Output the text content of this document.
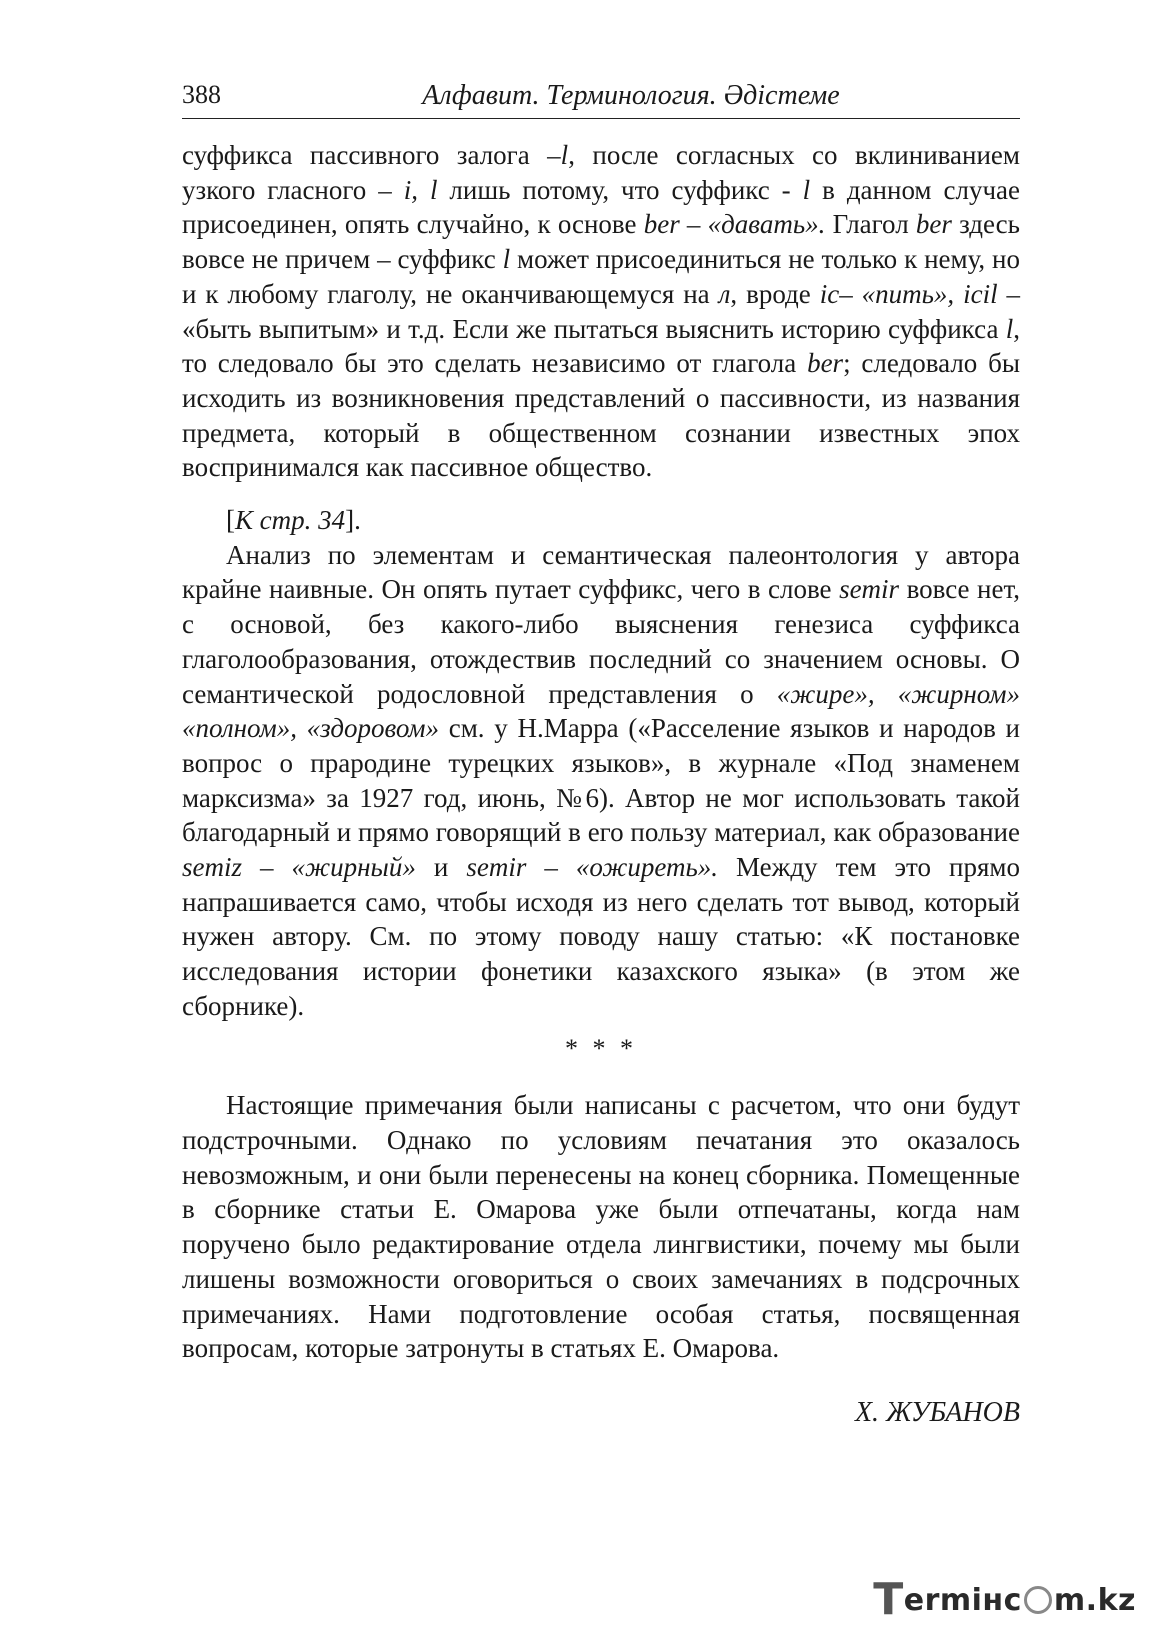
388	Алфавит. Терминология. Әдістеме

суффикса пассивного залога –l, после согласных со вклиниванием узкого гласного – i, l лишь потому, что суффикс - l в данном случае присоединен, опять случайно, к основе ber – «давать». Глагол ber здесь вовсе не причем – суффикс l может присоединиться не только к нему, но и к любому глаголу, не оканчивающемуся на л, вроде ic– «пить», icil – «быть выпитым» и т.д. Если же пытаться выяснить историю суффикса l, то следовало бы это сделать независимо от глагола ber; следовало бы исходить из возникновения представлений о пассивности, из названия предмета, который в общественном сознании известных эпох воспринимался как пассивное общество.

[К стр. 34].

Анализ по элементам и семантическая палеонтология у автора крайне наивные. Он опять путает суффикс, чего в слове semir вовсе нет, с основой, без какого-либо выяснения генезиса суффикса глаголообразования, отождествив последний со значением основы. О семантической родословной представления о «жире», «жирном» «полном», «здоровом» см. у Н.Марра («Расселение языков и народов и вопрос о прародине турецких языков», в журнале «Под знаменем марксизма» за 1927 год, июнь, №6). Автор не мог использовать такой благодарный и прямо говорящий в его пользу материал, как образование semiz – «жирный» и semir – «ожиреть». Между тем это прямо напрашивается само, чтобы исходя из него сделать тот вывод, который нужен автору. См. по этому поводу нашу статью: «К постановке исследования истории фонетики казахского языка» (в этом же сборнике).

* * *

Настоящие примечания были написаны с расчетом, что они будут подстрочными. Однако по условиям печатания это оказалось невозможным, и они были перенесены на конец сборника. Помещенные в сборнике статьи Е. Омарова уже были отпечатаны, когда нам поручено было редактирование отдела лингвистики, почему мы были лишены возможности оговориться о своих замечаниях в подсрочных примечаниях. Нами подготовление особая статья, посвященная вопросам, которые затронуты в статьях Е. Омарова.

Х. ЖУБАНОВ
Termінc m.kz
